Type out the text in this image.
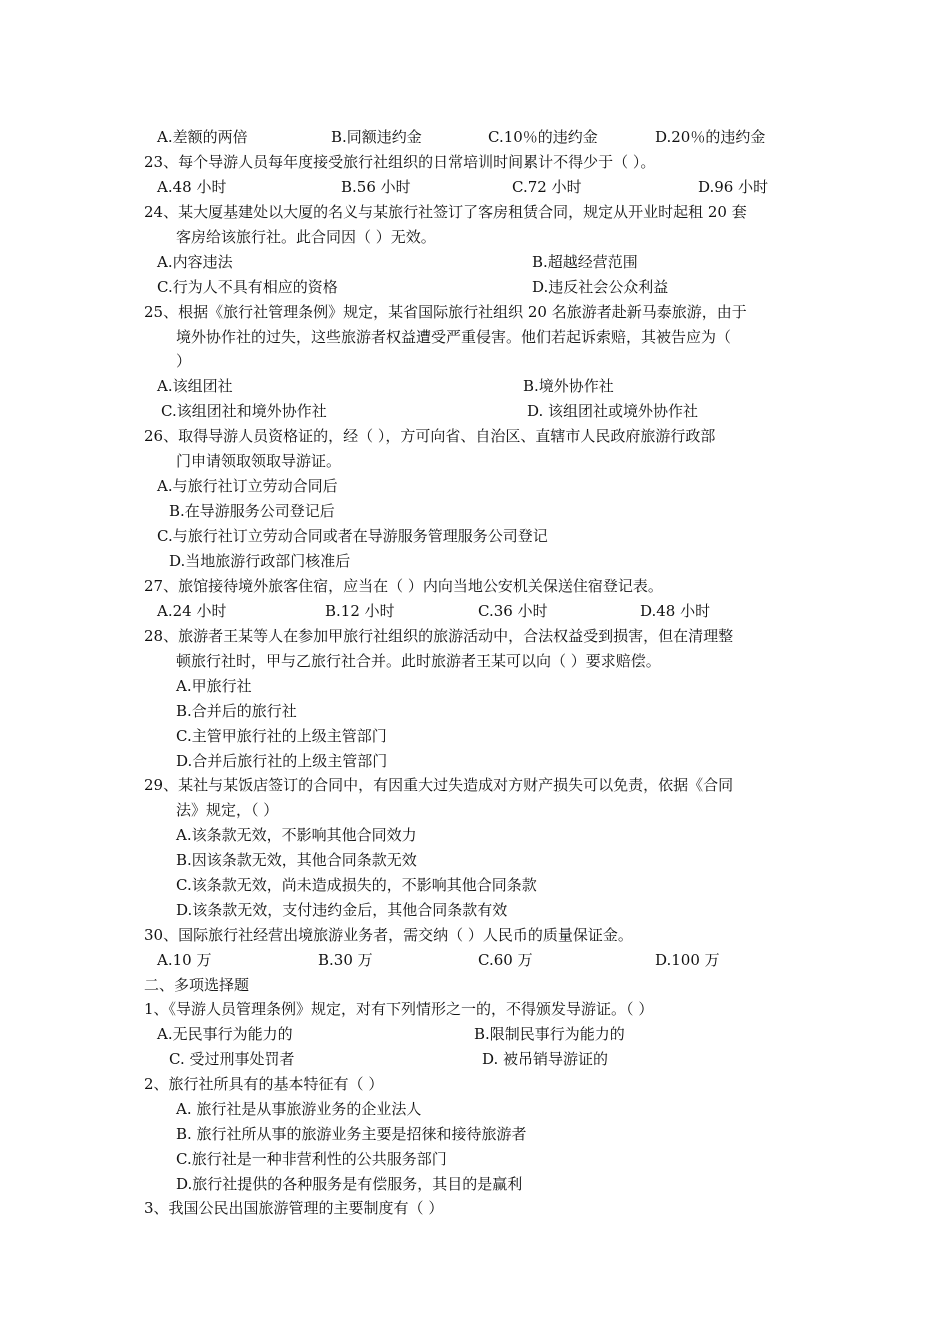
A.差额的两倍	B.同额违约金	C.10％的违约金	D.20％的违约金
23、每个导游人员每年度接受旅行社组织的日常培训时间累计不得少于（ ）。
A.48 小时	B.56 小时	C.72 小时	D.96 小时
24、某大厦基建处以大厦的名义与某旅行社签订了客房租赁合同，规定从开业时起租 20 套
客房给该旅行社。此合同因（ ）无效。
A.内容违法	B.超越经营范围
C.行为人不具有相应的资格	D.违反社会公众利益
25、根据《旅行社管理条例》规定，某省国际旅行社组织 20 名旅游者赴新马泰旅游，由于
境外协作社的过失，这些旅游者权益遭受严重侵害。他们若起诉索赔，其被告应为（
）
A.该组团社	B.境外协作社
C.该组团社和境外协作社	D. 该组团社或境外协作社
26、取得导游人员资格证的，经（ ），方可向省、自治区、直辖市人民政府旅游行政部
门申请领取领取导游证。
A.与旅行社订立劳动合同后
B.在导游服务公司登记后
C.与旅行社订立劳动合同或者在导游服务管理服务公司登记
D.当地旅游行政部门核准后
27、旅馆接待境外旅客住宿，应当在（ ）内向当地公安机关保送住宿登记表。
A.24 小时	B.12 小时	C.36 小时	D.48 小时
28、旅游者王某等人在参加甲旅行社组织的旅游活动中，合法权益受到损害，但在清理整
顿旅行社时，甲与乙旅行社合并。此时旅游者王某可以向（ ）要求赔偿。
A.甲旅行社
B.合并后的旅行社
C.主管甲旅行社的上级主管部门
D.合并后旅行社的上级主管部门
29、某社与某饭店签订的合同中，有因重大过失造成对方财产损失可以免责，依据《合同
法》规定，（ ）
A.该条款无效，不影响其他合同效力
B.因该条款无效，其他合同条款无效
C.该条款无效，尚未造成损失的，不影响其他合同条款
D.该条款无效，支付违约金后，其他合同条款有效
30、国际旅行社经营出境旅游业务者，需交纳（ ）人民币的质量保证金。
A.10 万	B.30 万	C.60 万	D.100 万
二、多项选择题
1、《导游人员管理条例》规定，对有下列情形之一的，不得颁发导游证。（ ）
A.无民事行为能力的	B.限制民事行为能力的
C. 受过刑事处罚者	D. 被吊销导游证的
2、旅行社所具有的基本特征有（ ）
A. 旅行社是从事旅游业务的企业法人
B. 旅行社所从事的旅游业务主要是招徕和接待旅游者
C.旅行社是一种非营利性的公共服务部门
D.旅行社提供的各种服务是有偿服务，其目的是赢利
3、我国公民出国旅游管理的主要制度有（ ）
